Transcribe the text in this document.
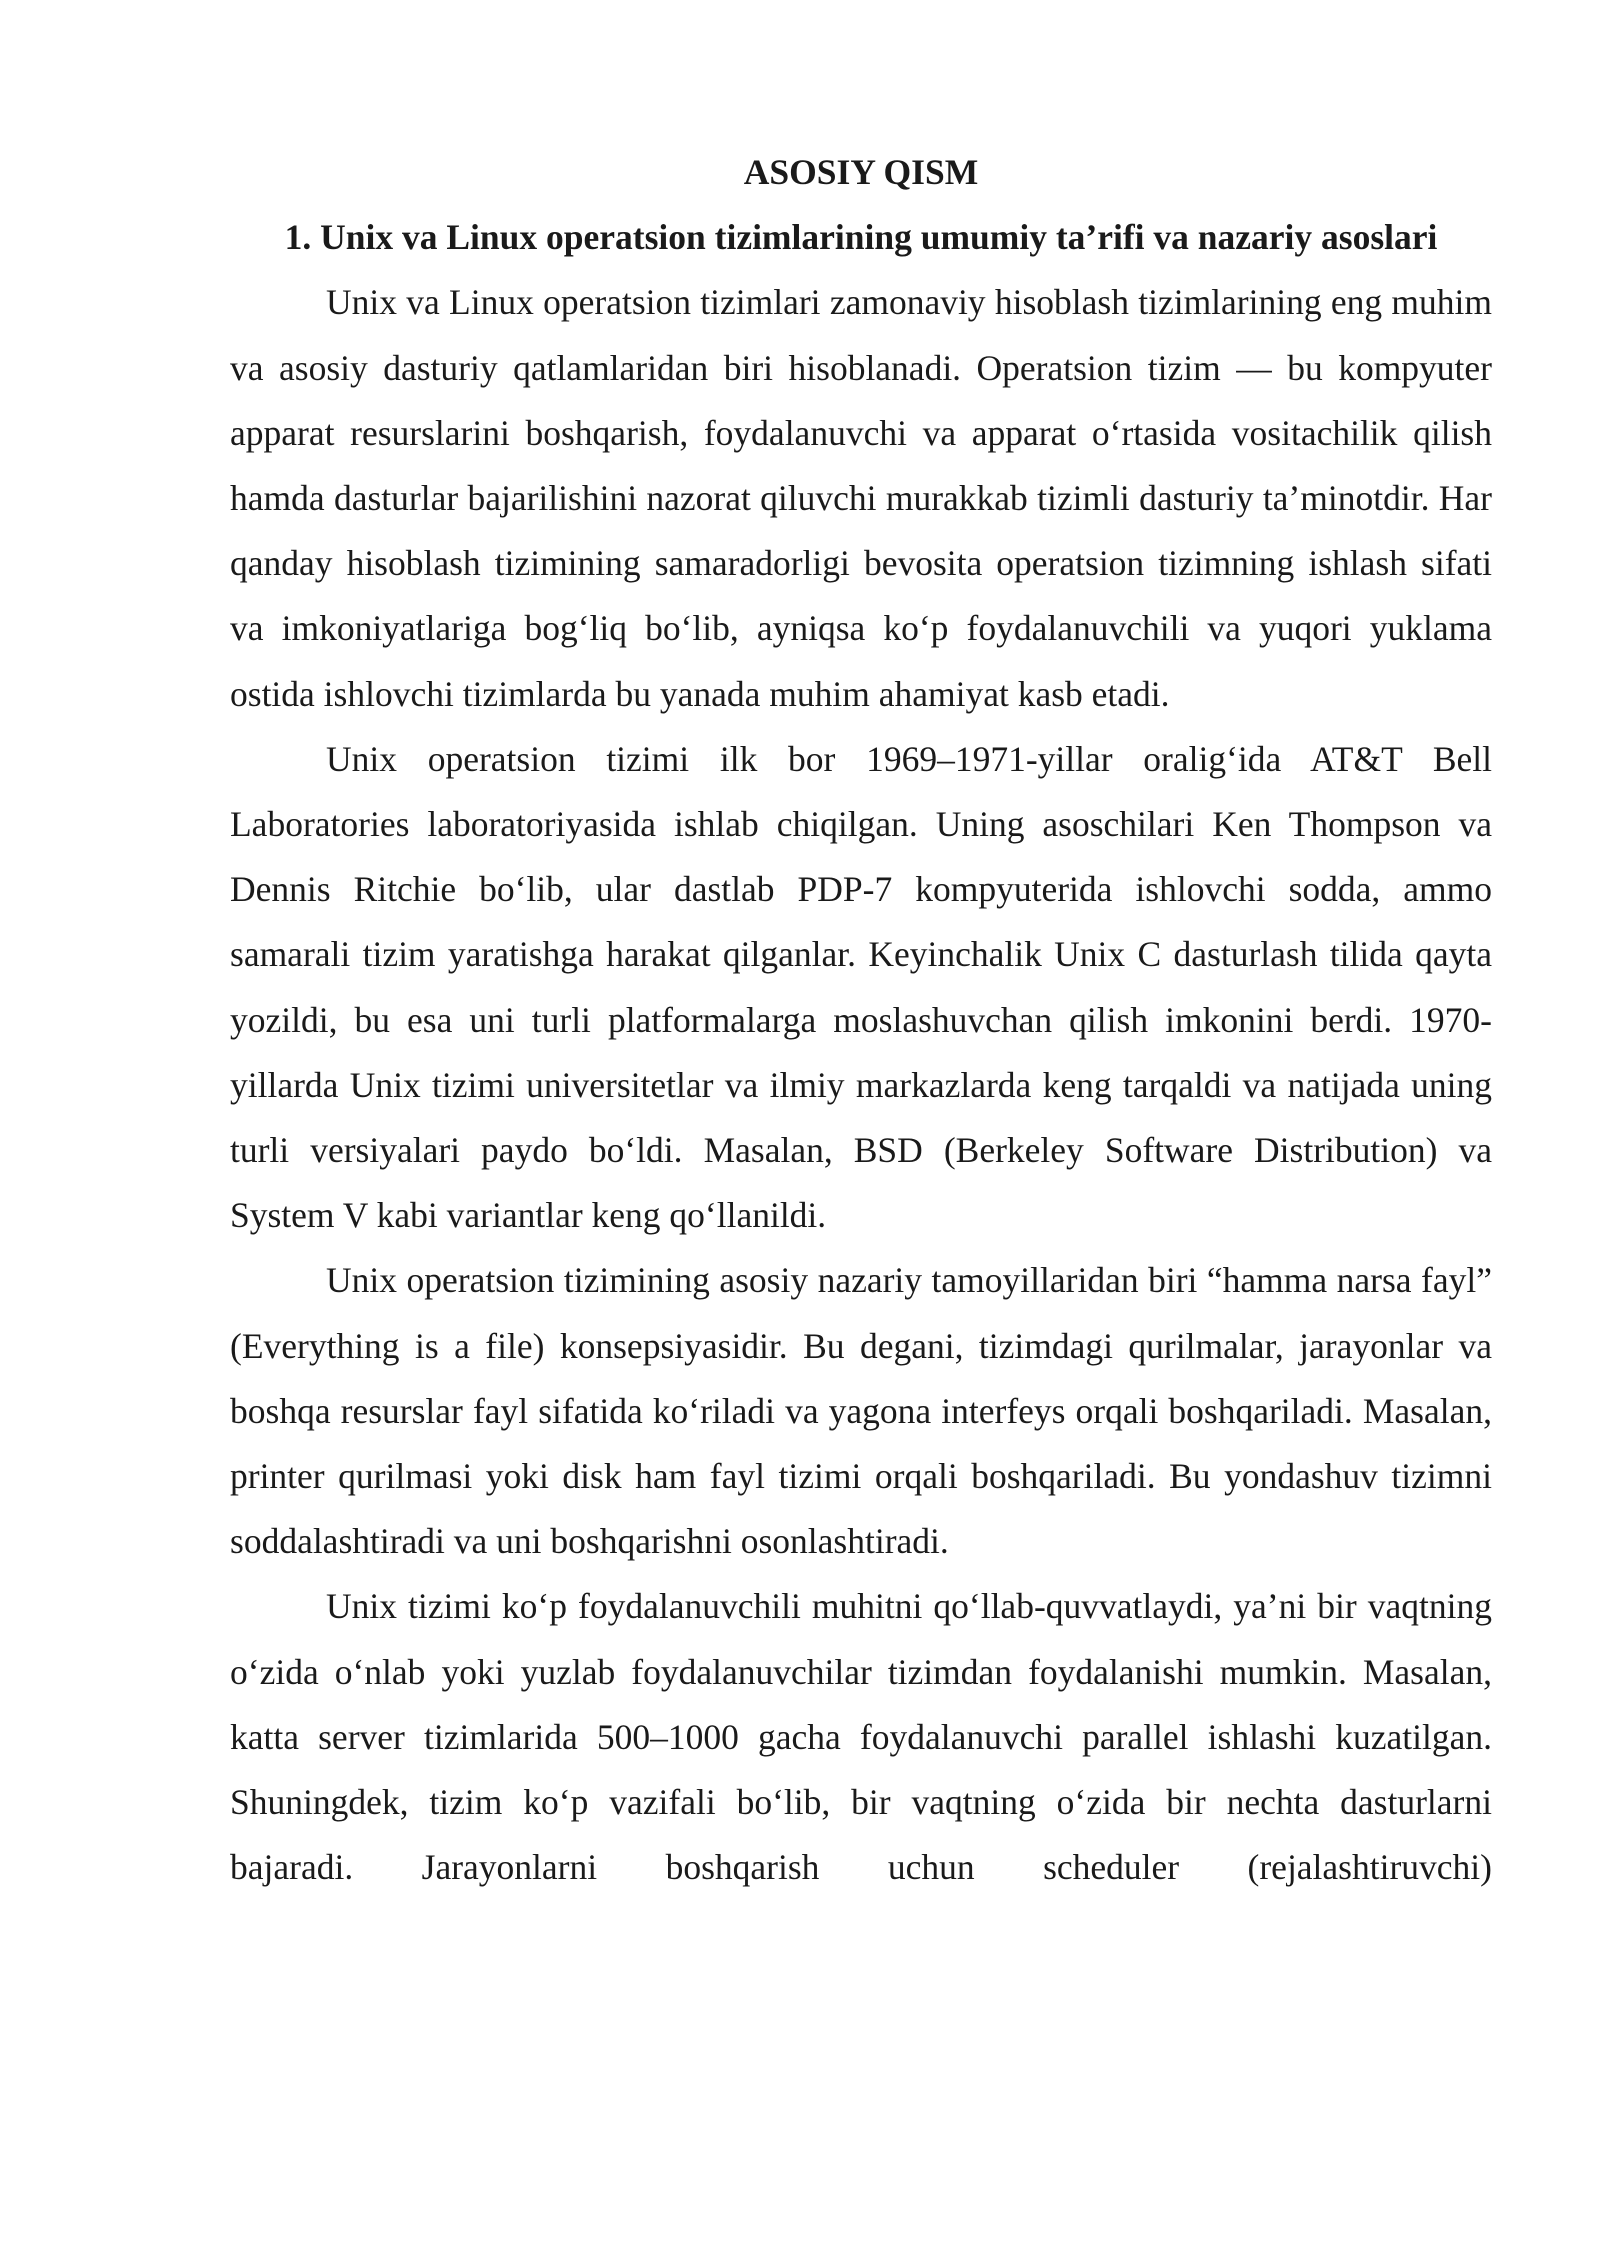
ASOSIY QISM
1. Unix va Linux operatsion tizimlarining umumiy ta’rifi va nazariy asoslari

Unix va Linux operatsion tizimlari zamonaviy hisoblash tizimlarining eng muhim va asosiy dasturiy qatlamlaridan biri hisoblanadi. Operatsion tizim — bu kompyuter apparat resurslarini boshqarish, foydalanuvchi va apparat o‘rtasida vositachilik qilish hamda dasturlar bajarilishini nazorat qiluvchi murakkab tizimli dasturiy ta’minotdir. Har qanday hisoblash tizimining samaradorligi bevosita operatsion tizimning ishlash sifati va imkoniyatlariga bog‘liq bo‘lib, ayniqsa ko‘p foydalanuvchili va yuqori yuklama ostida ishlovchi tizimlarda bu yanada muhim ahamiyat kasb etadi.

Unix operatsion tizimi ilk bor 1969–1971-yillar oralig‘ida AT&T Bell Laboratories laboratoriyasida ishlab chiqilgan. Uning asoschilari Ken Thompson va Dennis Ritchie bo‘lib, ular dastlab PDP-7 kompyuterida ishlovchi sodda, ammo samarali tizim yaratishga harakat qilganlar. Keyinchalik Unix C dasturlash tilida qayta yozildi, bu esa uni turli platformalarga moslashuvchan qilish imkonini berdi. 1970-yillarda Unix tizimi universitetlar va ilmiy markazlarda keng tarqaldi va natijada uning turli versiyalari paydo bo‘ldi. Masalan, BSD (Berkeley Software Distribution) va System V kabi variantlar keng qo‘llanildi.

Unix operatsion tizimining asosiy nazariy tamoyillaridan biri “hamma narsa fayl” (Everything is a file) konsepsiyasidir. Bu degani, tizimdagi qurilmalar, jarayonlar va boshqa resurslar fayl sifatida ko‘riladi va yagona interfeys orqali boshqariladi. Masalan, printer qurilmasi yoki disk ham fayl tizimi orqali boshqariladi. Bu yondashuv tizimni soddalashtiradi va uni boshqarishni osonlashtiradi.

Unix tizimi ko‘p foydalanuvchili muhitni qo‘llab-quvvatlaydi, ya’ni bir vaqtning o‘zida o‘nlab yoki yuzlab foydalanuvchilar tizimdan foydalanishi mumkin. Masalan, katta server tizimlarida 500–1000 gacha foydalanuvchi parallel ishlashi kuzatilgan. Shuningdek, tizim ko‘p vazifali bo‘lib, bir vaqtning o‘zida bir nechta dasturlarni bajaradi. Jarayonlarni boshqarish uchun scheduler (rejalashtiruvchi)
